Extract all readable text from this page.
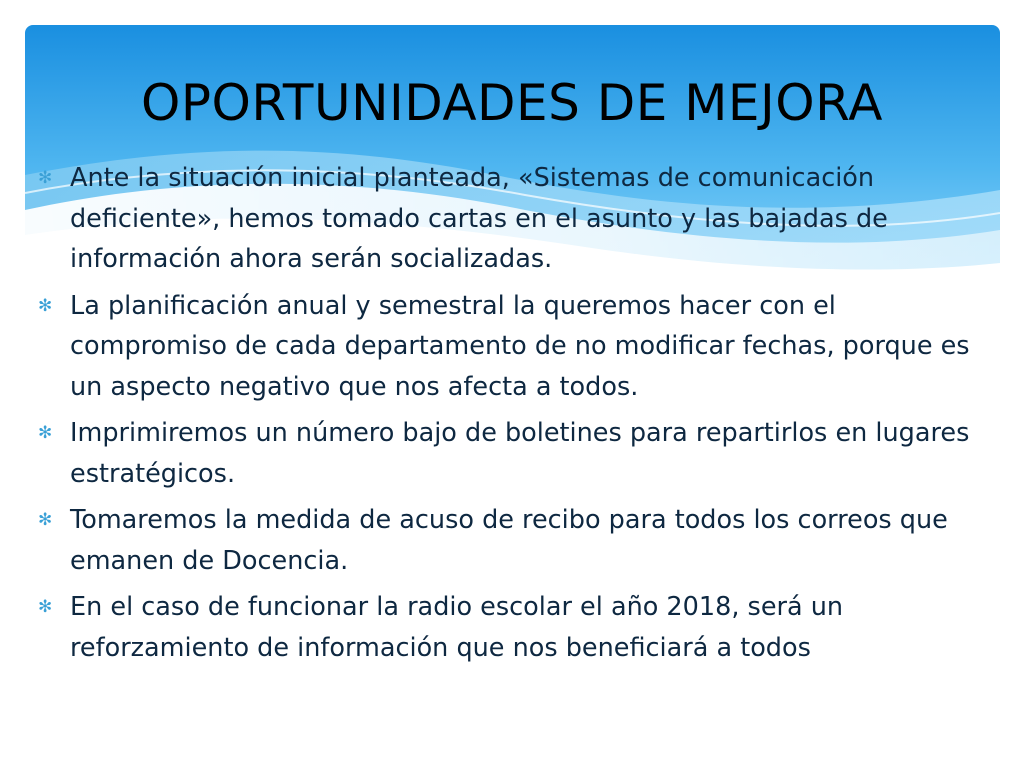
OPORTUNIDADES DE MEJORA
✻ Ante la situación inicial planteada, «Sistemas de comunicación deficiente», hemos tomado cartas en el asunto y las bajadas de información ahora serán socializadas.
✻ La planificación anual y semestral la queremos hacer con el compromiso de cada departamento de no modificar fechas, porque es un aspecto negativo que nos afecta a todos.
✻ Imprimiremos un número bajo de boletines para repartirlos en lugares estratégicos.
✻ Tomaremos la medida de acuso de recibo para todos los correos que emanen de Docencia.
✻ En el caso de funcionar la radio escolar el año 2018, será un reforzamiento de información que nos beneficiará a todos
